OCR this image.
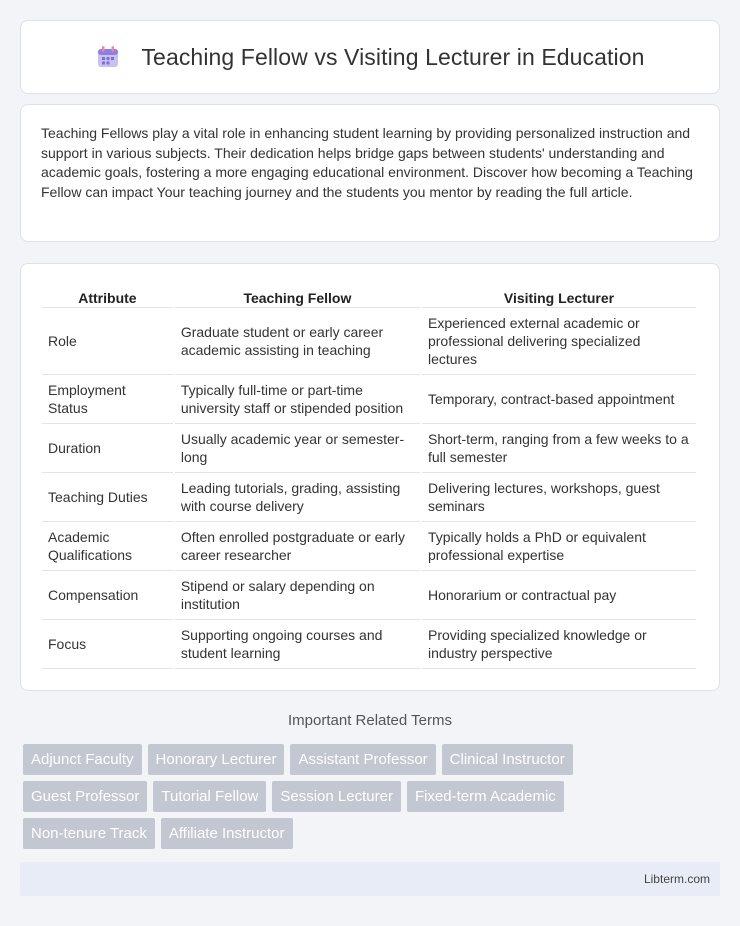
Teaching Fellow vs Visiting Lecturer in Education

Teaching Fellows play a vital role in enhancing student learning by providing personalized instruction and support in various subjects. Their dedication helps bridge gaps between students' understanding and academic goals, fostering a more engaging educational environment. Discover how becoming a Teaching Fellow can impact Your teaching journey and the students you mentor by reading the full article.

Attribute	Teaching Fellow	Visiting Lecturer
Role	Graduate student or early career academic assisting in teaching	Experienced external academic or professional delivering specialized lectures
Employment Status	Typically full-time or part-time university staff or stipended position	Temporary, contract-based appointment
Duration	Usually academic year or semester-long	Short-term, ranging from a few weeks to a full semester
Teaching Duties	Leading tutorials, grading, assisting with course delivery	Delivering lectures, workshops, guest seminars
Academic Qualifications	Often enrolled postgraduate or early career researcher	Typically holds a PhD or equivalent professional expertise
Compensation	Stipend or salary depending on institution	Honorarium or contractual pay
Focus	Supporting ongoing courses and student learning	Providing specialized knowledge or industry perspective
Important Related Terms
Adjunct Faculty	Honorary Lecturer	Assistant Professor	Clinical Instructor
Guest Professor	Tutorial Fellow	Session Lecturer	Fixed-term Academic
Non-tenure Track	Affiliate Instructor
Libterm.com
